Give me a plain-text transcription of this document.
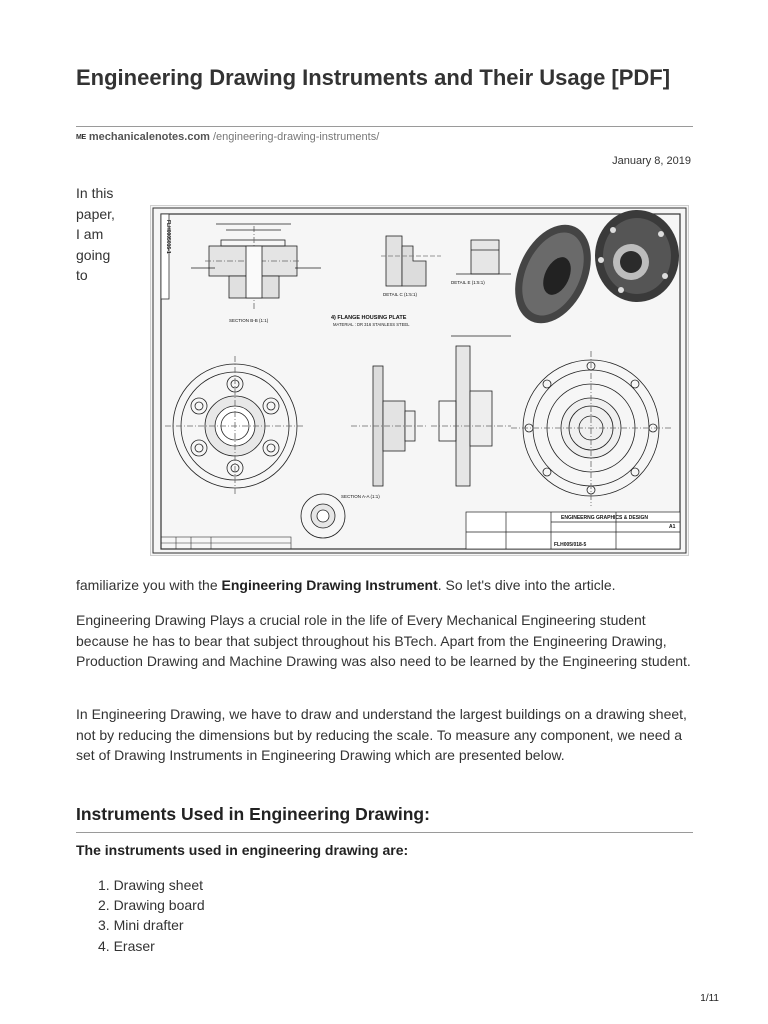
Engineering Drawing Instruments and Their Usage [PDF]
ME mechanicalenotes.com /engineering-drawing-instruments/
January 8, 2019
In this
paper,
I am
going
to
FLH0005016-1
SECTION B-B (1:1)
DETAIL C (1:5:1)
DETAIL E (1:5:1)
4) FLANGE HOUSING PLATE
MATERIAL : DR 316 STAINLESS STEEL
SECTION A-A (1:1)
ENGINEERNG GRAPHICS & DESIGN
FLH005/018-5
A1

familiarize you with the Engineering Drawing Instrument. So let's dive into the article.

Engineering Drawing Plays a crucial role in the life of Every Mechanical Engineering student because he has to bear that subject throughout his BTech. Apart from the Engineering Drawing, Production Drawing and Machine Drawing was also need to be learned by the Engineering student.

In Engineering Drawing, we have to draw and understand the largest buildings on a drawing sheet, not by reducing the dimensions but by reducing the scale. To measure any component, we need a set of Drawing Instruments in Engineering Drawing which are presented below.

Instruments Used in Engineering Drawing:
The instruments used in engineering drawing are:
1. Drawing sheet
2. Drawing board
3. Mini drafter
4. Eraser
1/11
